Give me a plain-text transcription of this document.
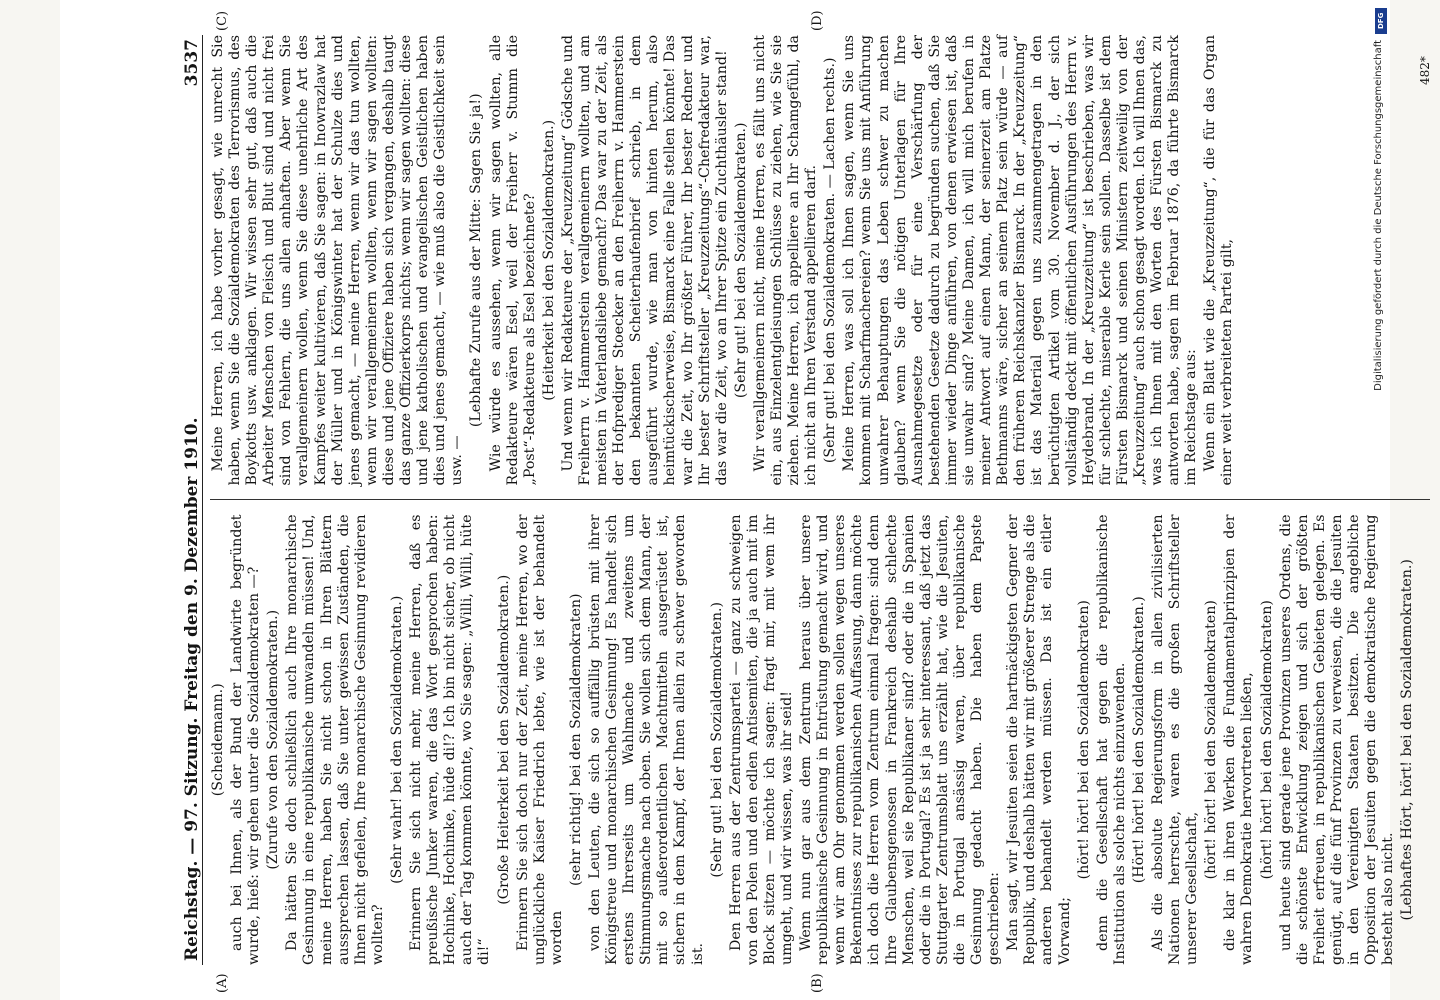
Reichstag. — 97. Sitzung. Freitag den 9. Dezember 1910.
3537

(Scheidemann.) auch bei Ihnen, als der Bund der Landwirte begründet wurde, hieß: wir gehen unter die Sozialdemokraten —? (Zurufe von den Sozialdemokraten.) Da hätten Sie doch schließlich auch Ihre monarchische Gesinnung in eine republikanische umwandeln müssen! Und, meine Herren, haben Sie nicht schon in Ihren Blättern aussprechen lassen, daß Sie unter gewissen Zuständen, die Ihnen nicht gefielen, Ihre monarchische Gesinnung revidieren wollten?

(Sehr wahr! bei den Sozialdemokraten.) Erinnern Sie sich nicht mehr, meine Herren, daß es preußische Junker waren, die das Wort gesprochen haben: Hochinke, Hochimke, hüde di!? Ich bin nicht sicher, ob nicht auch der Tag kommen könnte, wo Sie sagen: „Willi, Willi, hüte di!“

(Große Heiterkeit bei den Sozialdemokraten.) Erinnern Sie sich doch nur der Zeit, meine Herren, wo der unglückliche Kaiser Friedrich lebte, wie ist der behandelt worden

(sehr richtig! bei den Sozialdemokraten) von den Leuten, die sich so auffällig brüsten mit ihrer Königstreue und monarchischen Gesinnung! Es handelt sich erstens Ihrerseits um Wahlmache und zweitens um Stimmungsmache nach oben. Sie wollen sich dem Mann, der mit so außerordentlichen Machtmitteln ausgerüstet ist, sichern in dem Kampf, der Ihnen allein zu schwer geworden ist.

(Sehr gut! bei den Sozialdemokraten.) Den Herren aus der Zentrumspartei — ganz zu schweigen von den Polen und den edlen Antisemiten, die ja auch mit im Block sitzen — möchte ich sagen: fragt mir, mit wem ihr umgeht, und wir wissen, was ihr seid! Wenn nun gar aus dem Zentrum heraus über unsere republikanische Gesinnung in Entrüstung gemacht wird, und wenn wir am Ohr genommen werden sollen wegen unseres Bekenntnisses zur republikanischen Auffassung, dann möchte ich doch die Herren vom Zentrum einmal fragen: sind denn Ihre Glaubensgenossen in Frankreich deshalb schlechte Menschen, weil sie Republikaner sind? oder die in Spanien oder die in Portugal? Es ist ja sehr interessant, daß jetzt das Stuttgarter Zentrumsblatt uns erzählt hat, wie die Jesuiten, die in Portugal ansässig waren, über republikanische Gesinnung gedacht haben. Die haben dem Papste geschrieben: Man sagt, wir Jesuiten seien die hartnäckigsten Gegner der Republik, und deshalb hätten wir mit größerer Strenge als die anderen behandelt werden müssen. Das ist ein eitler Vorwand;

(hört! hört! bei den Sozialdemokraten) denn die Gesellschaft hat gegen die republikanische Institution als solche nichts einzuwenden. (Hört! hört! bei den Sozialdemokraten.) Als die absolute Regierungsform in allen zivilisierten Nationen herrschte, waren es die großen Schriftsteller unserer Gesellschaft,

(hört! hört! bei den Sozialdemokraten) die klar in ihren Werken die Fundamentalprinzipien der wahren Demokratie hervortreten ließen, (hört! hört! bei den Sozialdemokraten) und heute sind gerade jene Provinzen unseres Ordens, die die schönste Entwicklung zeigen und sich der größten Freiheit erfreuen, in republikanischen Gebieten gelegen. Es genügt, auf die fünf Provinzen zu verweisen, die die Jesuiten in den Vereinigten Staaten besitzen. Die angebliche Opposition der Jesuiten gegen die demokratische Regierung besteht also nicht. (Lebhaftes Hört, hört! bei den Sozialdemokraten.)

Meine Herren, ich habe vorher gesagt, wie unrecht Sie haben, wenn Sie die Sozialdemokraten des Terrorismus, des Boykotts usw. anklagen. Wir wissen sehr gut, daß auch die Arbeiter Menschen von Fleisch und Blut sind und nicht frei sind von Fehlern, die uns allen anhaften. Aber wenn Sie verallgemeinern wollen, wenn Sie diese unehrliche Art des Kampfes weiter kultivieren, daß Sie sagen: in Inowrazlaw hat der Müller und in Königswinter hat der Schulze dies und jenes gemacht, — meine Herren, wenn wir das tun wollten, wenn wir verallgemeinern wollten, wenn wir sagen wollten: diese und jene Offiziere haben sich vergangen, deshalb taugt das ganze Offizierkorps nichts; wenn wir sagen wollten: diese und jene katholischen und evangelischen Geistlichen haben dies und jenes gemacht, — wie muß also die Geistlichkeit sein usw. —

(Lebhafte Zurufe aus der Mitte: Sagen Sie ja!) Wie würde es aussehen, wenn wir sagen wollten, alle Redakteure wären Esel, weil der Freiherr v. Stumm die „Post“-Redakteure als Esel bezeichnete? (Heiterkeit bei den Sozialdemokraten.) Und wenn wir Redakteure der „Kreuzzeitung“ Gödsche und Freiherrn v. Hammerstein verallgemeinern wollten, und am meisten in Vaterlandsliebe gemacht? Das war zu der Zeit, als der Hofprediger Stoecker an den Freiherrn v. Hammerstein den bekannten Scheiterhaufenbrief schrieb, in dem ausgeführt wurde, wie man von hinten herum, also heimtückischerweise, Bismarck eine Falle stellen könnte! Das war die Zeit, wo Ihr größter Führer, Ihr bester Redner und Ihr bester Schriftsteller „Kreuzzeitungs“-Chefredakteur war, das war die Zeit, wo an Ihrer Spitze ein Zuchthäusler stand! (Sehr gut! bei den Sozialdemokraten.) Wir verallgemeinern nicht, meine Herren, es fällt uns nicht ein, aus Einzelentgleisungen Schlüsse zu ziehen, wie Sie sie ziehen. Meine Herren, ich appelliere an Ihr Schamgefühl, da ich nicht an Ihren Verstand appellieren darf. (Sehr gut! bei den Sozialdemokraten. — Lachen rechts.) Meine Herren, was soll ich Ihnen sagen, wenn Sie uns kommen mit Scharfmachereien? wenn Sie uns mit Anführung unwahrer Behauptungen das Leben schwer zu machen glauben? wenn Sie die nötigen Unterlagen für Ihre Ausnahmegesetze oder für eine Verschärfung der bestehenden Gesetze dadurch zu begründen suchen, daß Sie immer wieder Dinge anführen, von denen erwiesen ist, daß sie unwahr sind? Meine Damen, ich will mich berufen in meiner Antwort auf einen Mann, der seinerzeit am Platze Bethmanns wäre, sicher an seinem Platz sein würde — auf den früheren Reichskanzler Bismarck. In der „Kreuzzeitung“ ist das Material gegen uns zusammengetragen in den berüchtigten Artikel vom 30. November d. J., der sich vollständig deckt mit öffentlichen Ausführungen des Herrn v. Heydebrand. In der „Kreuzzeitung“ ist beschrieben, was wir für schlechte, miserable Kerle sein sollen. Dasselbe ist dem Fürsten Bismarck und seinen Ministern zeitweilig von der „Kreuzzeitung“ auch schon gesagt worden. Ich will Ihnen das, was ich Ihnen mit den Worten des Fürsten Bismarck zu antworten habe, sagen im Februar 1876, da führte Bismarck im Reichstage aus: Wenn ein Blatt wie die „Kreuzzeitung“, die für das Organ einer weit verbreiteten Partei gilt,

(A)	(B)
(C)	(D)
482*
DFG
Digitalisierung gefördert durch die Deutsche Forschungsgemeinschaft
